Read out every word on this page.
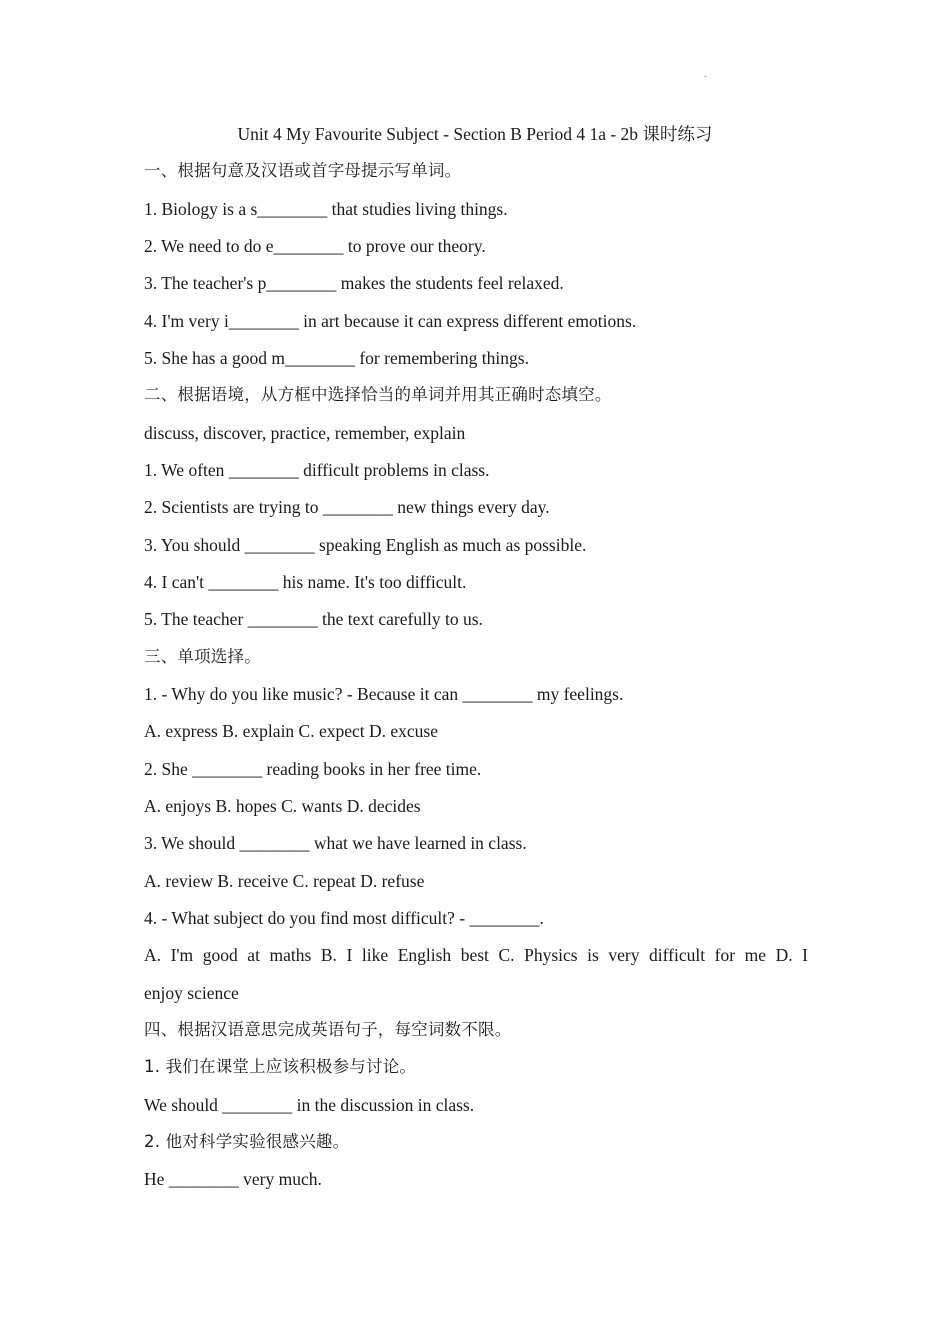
.
Unit 4 My Favourite Subject - Section B Period 4 1a - 2b 课时练习
一、根据句意及汉语或首字母提示写单词。
1. Biology is a s________ that studies living things.
2. We need to do e________ to prove our theory.
3. The teacher's p________ makes the students feel relaxed.
4. I'm very i________ in art because it can express different emotions.
5. She has a good m________ for remembering things.
二、根据语境，从方框中选择恰当的单词并用其正确时态填空。
discuss, discover, practice, remember, explain
1. We often ________ difficult problems in class.
2. Scientists are trying to ________ new things every day.
3. You should ________ speaking English as much as possible.
4. I can't ________ his name. It's too difficult.
5. The teacher ________ the text carefully to us.
三、单项选择。
1. - Why do you like music? - Because it can ________ my feelings.
A. express B. explain C. expect D. excuse
2. She ________ reading books in her free time.
A. enjoys B. hopes C. wants D. decides
3. We should ________ what we have learned in class.
A. review B. receive C. repeat D. refuse
4. - What subject do you find most difficult? - ________.
A. I'm good at maths B. I like English best C. Physics is very difficult for me D. I
enjoy science
四、根据汉语意思完成英语句子，每空词数不限。
1. 我们在课堂上应该积极参与讨论。
We should ________ in the discussion in class.
2. 他对科学实验很感兴趣。
He ________ very much.
